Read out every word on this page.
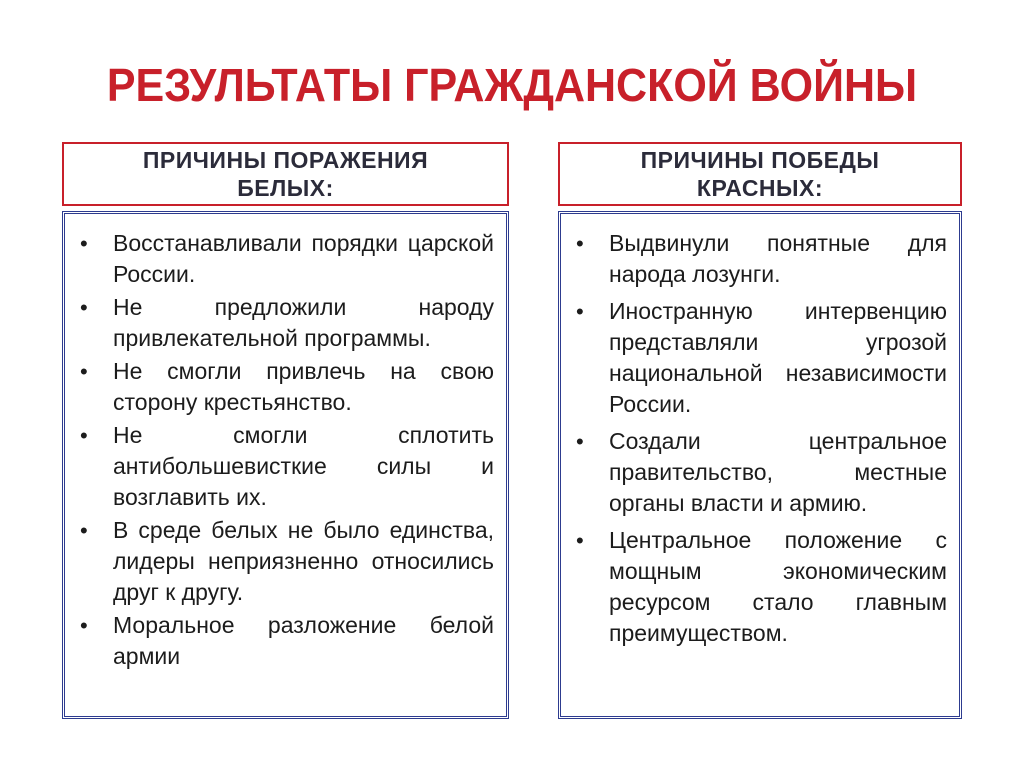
РЕЗУЛЬТАТЫ ГРАЖДАНСКОЙ ВОЙНЫ
ПРИЧИНЫ ПОРАЖЕНИЯ
БЕЛЫХ:
ПРИЧИНЫ ПОБЕДЫ
КРАСНЫХ:
• Восстанавливали порядки царской России.
• Не предложили народу привлекательной программы.
• Не смогли привлечь на свою сторону крестьянство.
• Не смогли сплотить антибольшевисткие силы и возглавить их.
• В среде белых не было единства, лидеры неприязненно относились друг к другу.
• Моральное разложение белой армии
• Выдвинули понятные для народа лозунги.
• Иностранную интервенцию представляли угрозой национальной независимости России.
• Создали центральное правительство, местные органы власти и армию.
• Центральное положение с мощным экономическим ресурсом стало главным преимуществом.
